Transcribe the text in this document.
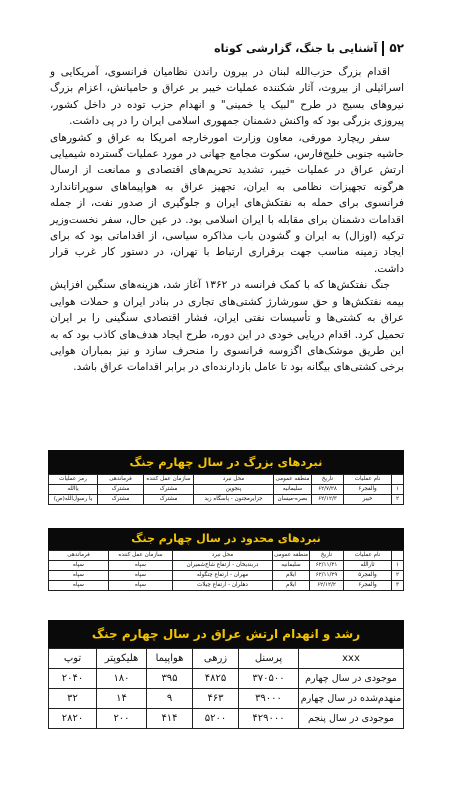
۵۲
آشنایی با جنگ، گزارشی کوتاه

اقدام بزرگ حزب‌الله لبنان در بیرون راندن نظامیان فرانسوی، آمریکایی و اسرائیلی از بیروت، آثار شکننده عملیات خیبر بر عراق و حامیانش، اعزام بزرگ نیروهای بسیج در طرح "لبیک یا خمینی" و انهدام حزب توده در داخل کشور، پیروزی بزرگی بود که واکنش دشمنان جمهوری اسلامی ایران را در پی داشت.

سفر ریچارد مورفی، معاون وزارت امورخارجه امریکا به عراق و کشورهای حاشیه جنوبی خلیج‌فارس، سکوت مجامع جهانی در مورد عملیات گسترده شیمیایی ارتش عراق در عملیات خیبر، تشدید تحریم‌های اقتصادی و ممانعت از ارسال هرگونه تجهیزات نظامی به ایران، تجهیز عراق به هواپیماهای سوپراتاندارد فرانسوی برای حمله به نفتکش‌های ایران و جلوگیری از صدور نفت، از جمله اقدامات دشمنان برای مقابله با ایران اسلامی بود. در عین حال، سفر نخست‌وزیر ترکیه (اوزال) به ایران و گشودن باب مذاکره سیاسی، از اقداماتی بود که برای ایجاد زمینه مناسب جهت برقراری ارتباط با تهران، در دستور کار غرب قرار داشت.

جنگ نفتکش‌ها که با کمک فرانسه در ۱۳۶۲ آغاز شد، هزینه‌های سنگین افزایش بیمه نفتکش‌ها و حق سورشارژ کشتی‌های تجاری در بنادر ایران و حملات هوایی عراق به کشتی‌ها و تأسیسات نفتی ایران، فشار اقتصادی سنگینی را بر ایران تحمیل کرد. اقدام دریایی خودی در این دوره، طرح ایجاد هدف‌های کاذب بود که به این طریق موشک‌های اگزوسه فرانسوی را منحرف سازد و نیز بمباران هوایی برخی کشتی‌های بیگانه بود تا عامل بازدارنده‌ای در برابر اقدامات عراق باشد.

نبردهای بزرگ در سال چهارم جنگ
	نام عملیات	تاریخ	منطقه عمومی	محل نبرد	سازمان عمل کننده	فرماندهی	رمز عملیات
۱	والفجر۶	۶۲/۷/۲۸	سلیمانیه	پنجوین	مشترک	مشترک	یاالله
۲	خیبر	۶۲/۱۲/۳	بصره-میسان	جزایرمجنون - پاسگاه زید	مشترک	مشترک	یا رسول‌الله(ص)
نبردهای محدود در سال چهارم جنگ
	نام عملیات	تاریخ	منطقه عمومی	محل نبرد	سازمان عمل کننده	فرماندهی
۱	ثارالله	۶۲/۱۱/۲۱	سلیمانیه	دربندیخان - ارتفاع شاخ‌شمیران	سپاه	سپاه
۲	والفجر۵	۶۲/۱۱/۲۹	ایلام	مهران - ارتفاع چنگوله	سپاه	سپاه
۳	والفجر۶	۶۲/۱۲/۲	ایلام	دهلران - ارتفاع چیلات	سپاه	سپاه
رشد و انهدام ارتش عراق در سال چهارم جنگ
xxx	پرسنل	زرهی	هواپیما	هلیکوپتر	توپ
موجودی در سال چهارم	۳۷۰۵۰۰	۴۸۲۵	۳۹۵	۱۸۰	۲۰۴۰
منهدم‌شده در سال چهارم	۳۹۰۰۰	۴۶۳	۹	۱۴	۳۲
موجودی در سال پنجم	۴۲۹۰۰۰	۵۲۰۰	۴۱۴	۲۰۰	۲۸۲۰
